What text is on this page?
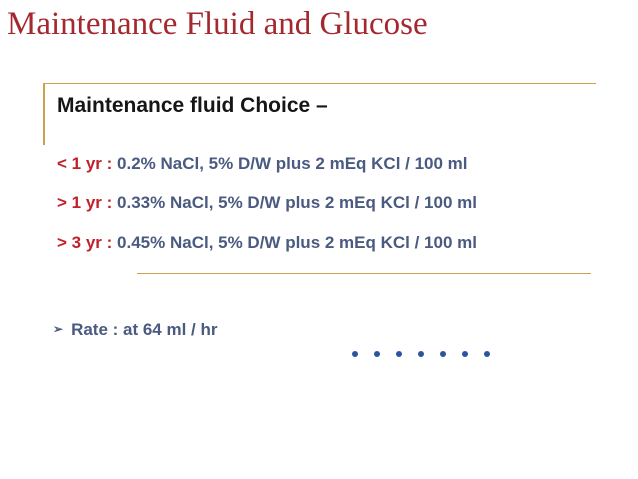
Maintenance Fluid and Glucose
Maintenance fluid Choice –
< 1 yr : 0.2% NaCl, 5% D/W plus 2 mEq KCl / 100 ml
> 1 yr : 0.33% NaCl, 5% D/W plus 2 mEq KCl / 100 ml
> 3 yr : 0.45% NaCl, 5% D/W plus 2 mEq KCl / 100 ml
➢ Rate : at 64 ml / hr
